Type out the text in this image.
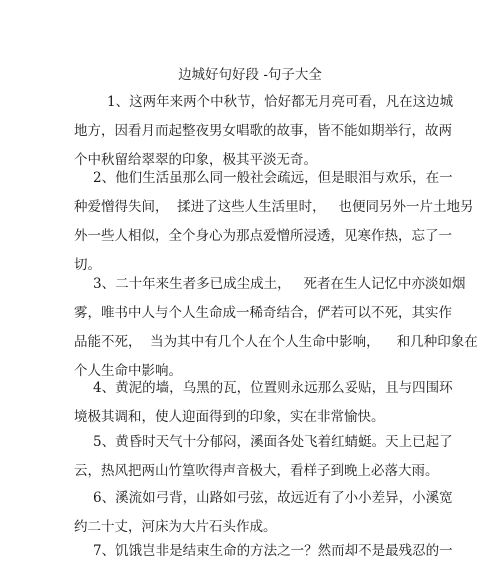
边城好句好段 -句子大全
1、这两年来两个中秋节，恰好都无月亮可看，凡在这边城
地方，因看月而起整夜男女唱歌的故事，皆不能如期举行，故两
个中秋留给翠翠的印象，极其平淡无奇。
2、他们生活虽那么同一般社会疏远，但是眼泪与欢乐，在一
种爱憎得失间，  揉进了这些人生活里时，   也便同另外一片土地另
外一些人相似，全个身心为那点爱憎所浸透，见寒作热，忘了一
切。
3、二十年来生者多已成尘成土，   死者在生人记忆中亦淡如烟
雾，唯书中人与个人生命成一稀奇结合，俨若可以不死，其实作
品能不死，  当为其中有几个人在个人生命中影响，    和几种印象在
个人生命中影响。
4、黄泥的墙，乌黑的瓦，位置则永远那么妥贴，且与四围环
境极其调和，使人迎面得到的印象，实在非常愉快。
5、黄昏时天气十分郁闷，溪面各处飞着红蜻蜓。天上已起了
云，热风把两山竹篁吹得声音极大，看样子到晚上必落大雨。
6、溪流如弓背，山路如弓弦，故远近有了小小差异，小溪宽
约二十丈，河床为大片石头作成。
7、饥饿岂非是结束生命的方法之一？然而却不是最残忍的一
